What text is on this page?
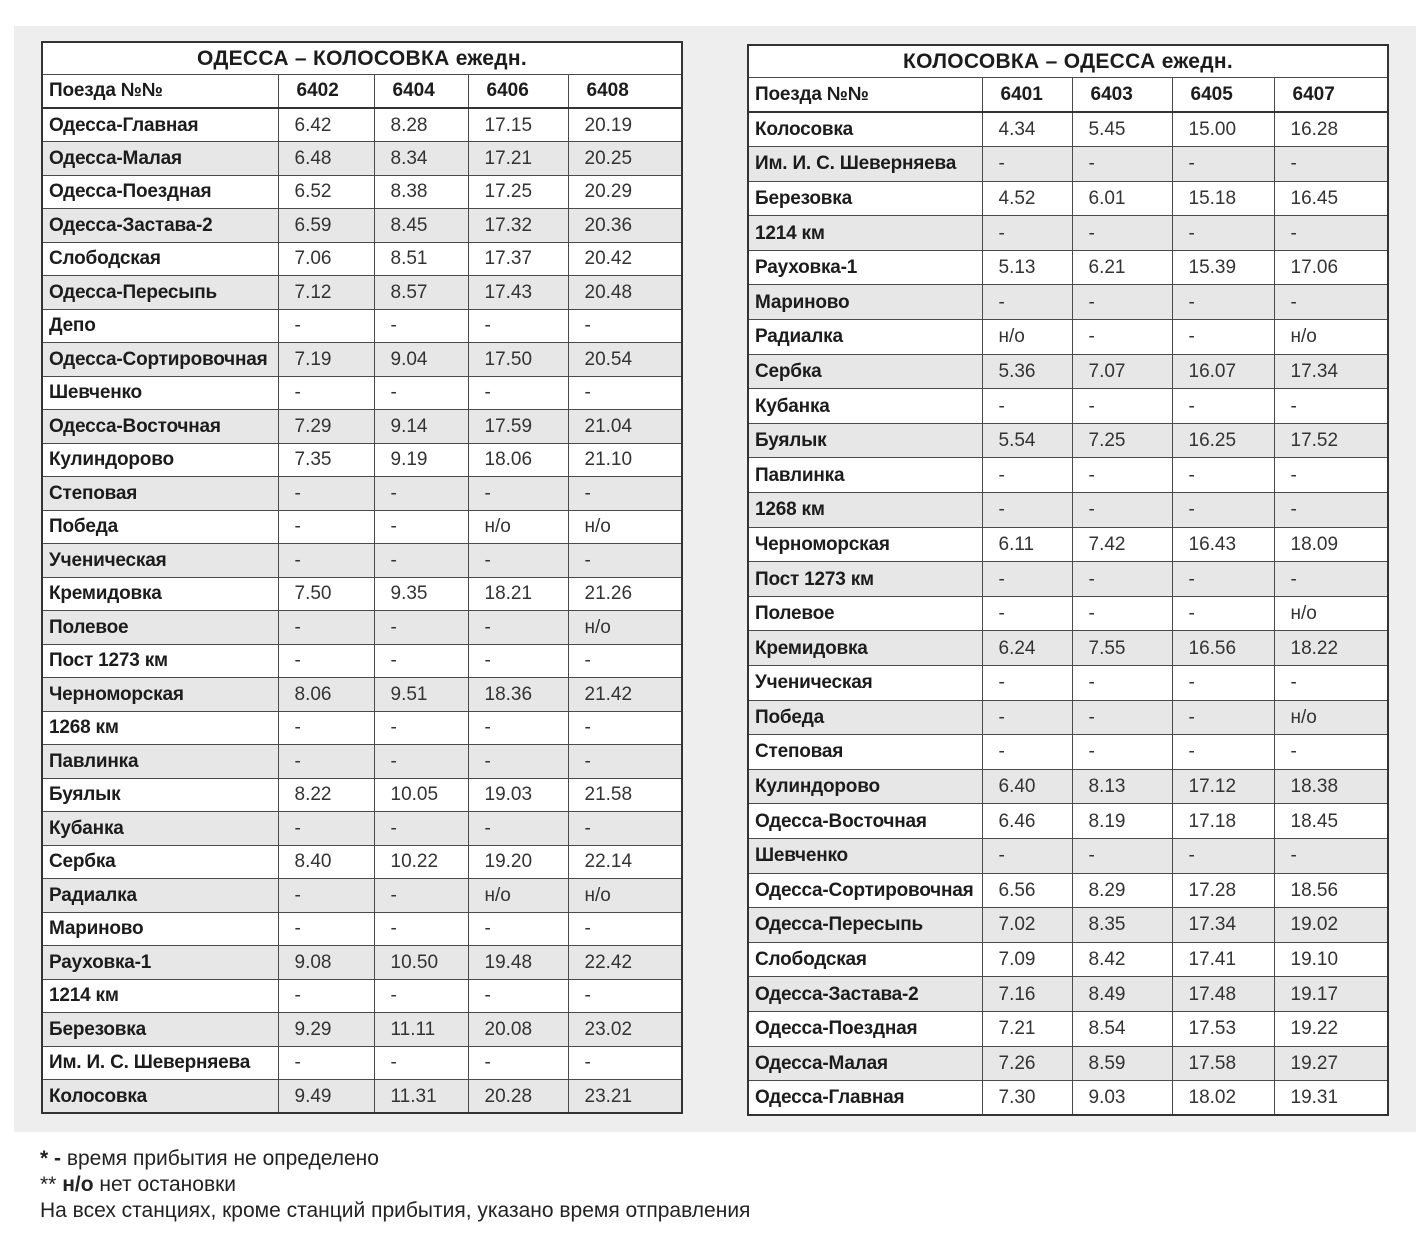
ОДЕССА – КОЛОСОВКА ежедн.				
Поезда №№	6402	6404	6406	6408
Одесса-Главная	6.42	8.28	17.15	20.19
Одесса-Малая	6.48	8.34	17.21	20.25
Одесса-Поездная	6.52	8.38	17.25	20.29
Одесса-Застава-2	6.59	8.45	17.32	20.36
Слободская	7.06	8.51	17.37	20.42
Одесса-Пересыпь	7.12	8.57	17.43	20.48
Депо	-	-	-	-
Одесса-Сортировочная	7.19	9.04	17.50	20.54
Шевченко	-	-	-	-
Одесса-Восточная	7.29	9.14	17.59	21.04
Кулиндорово	7.35	9.19	18.06	21.10
Степовая	-	-	-	-
Победа	-	-	н/о	н/о
Ученическая	-	-	-	-
Кремидовка	7.50	9.35	18.21	21.26
Полевое	-	-	-	н/о
Пост 1273 км	-	-	-	-
Черноморская	8.06	9.51	18.36	21.42
1268 км	-	-	-	-
Павлинка	-	-	-	-
Буялык	8.22	10.05	19.03	21.58
Кубанка	-	-	-	-
Сербка	8.40	10.22	19.20	22.14
Радиалка	-	-	н/о	н/о
Мариново	-	-	-	-
Рауховка-1	9.08	10.50	19.48	22.42
1214 км	-	-	-	-
Березовка	9.29	11.11	20.08	23.02
Им. И. С. Шеверняева	-	-	-	-
Колосовка	9.49	11.31	20.28	23.21
КОЛОСОВКА – ОДЕССА ежедн.				
Поезда №№	6401	6403	6405	6407
Колосовка	4.34	5.45	15.00	16.28
Им. И. С. Шеверняева	-	-	-	-
Березовка	4.52	6.01	15.18	16.45
1214 км	-	-	-	-
Рауховка-1	5.13	6.21	15.39	17.06
Мариново	-	-	-	-
Радиалка	н/о	-	-	н/о
Сербка	5.36	7.07	16.07	17.34
Кубанка	-	-	-	-
Буялык	5.54	7.25	16.25	17.52
Павлинка	-	-	-	-
1268 км	-	-	-	-
Черноморская	6.11	7.42	16.43	18.09
Пост 1273 км	-	-	-	-
Полевое	-	-	-	н/о
Кремидовка	6.24	7.55	16.56	18.22
Ученическая	-	-	-	-
Победа	-	-	-	н/о
Степовая	-	-	-	-
Кулиндорово	6.40	8.13	17.12	18.38
Одесса-Восточная	6.46	8.19	17.18	18.45
Шевченко	-	-	-	-
Одесса-Сортировочная	6.56	8.29	17.28	18.56
Одесса-Пересыпь	7.02	8.35	17.34	19.02
Слободская	7.09	8.42	17.41	19.10
Одесса-Застава-2	7.16	8.49	17.48	19.17
Одесса-Поездная	7.21	8.54	17.53	19.22
Одесса-Малая	7.26	8.59	17.58	19.27
Одесса-Главная	7.30	9.03	18.02	19.31
* - время прибытия не определено
** н/о нет остановки
На всех станциях, кроме станций прибытия, указано время отправления
